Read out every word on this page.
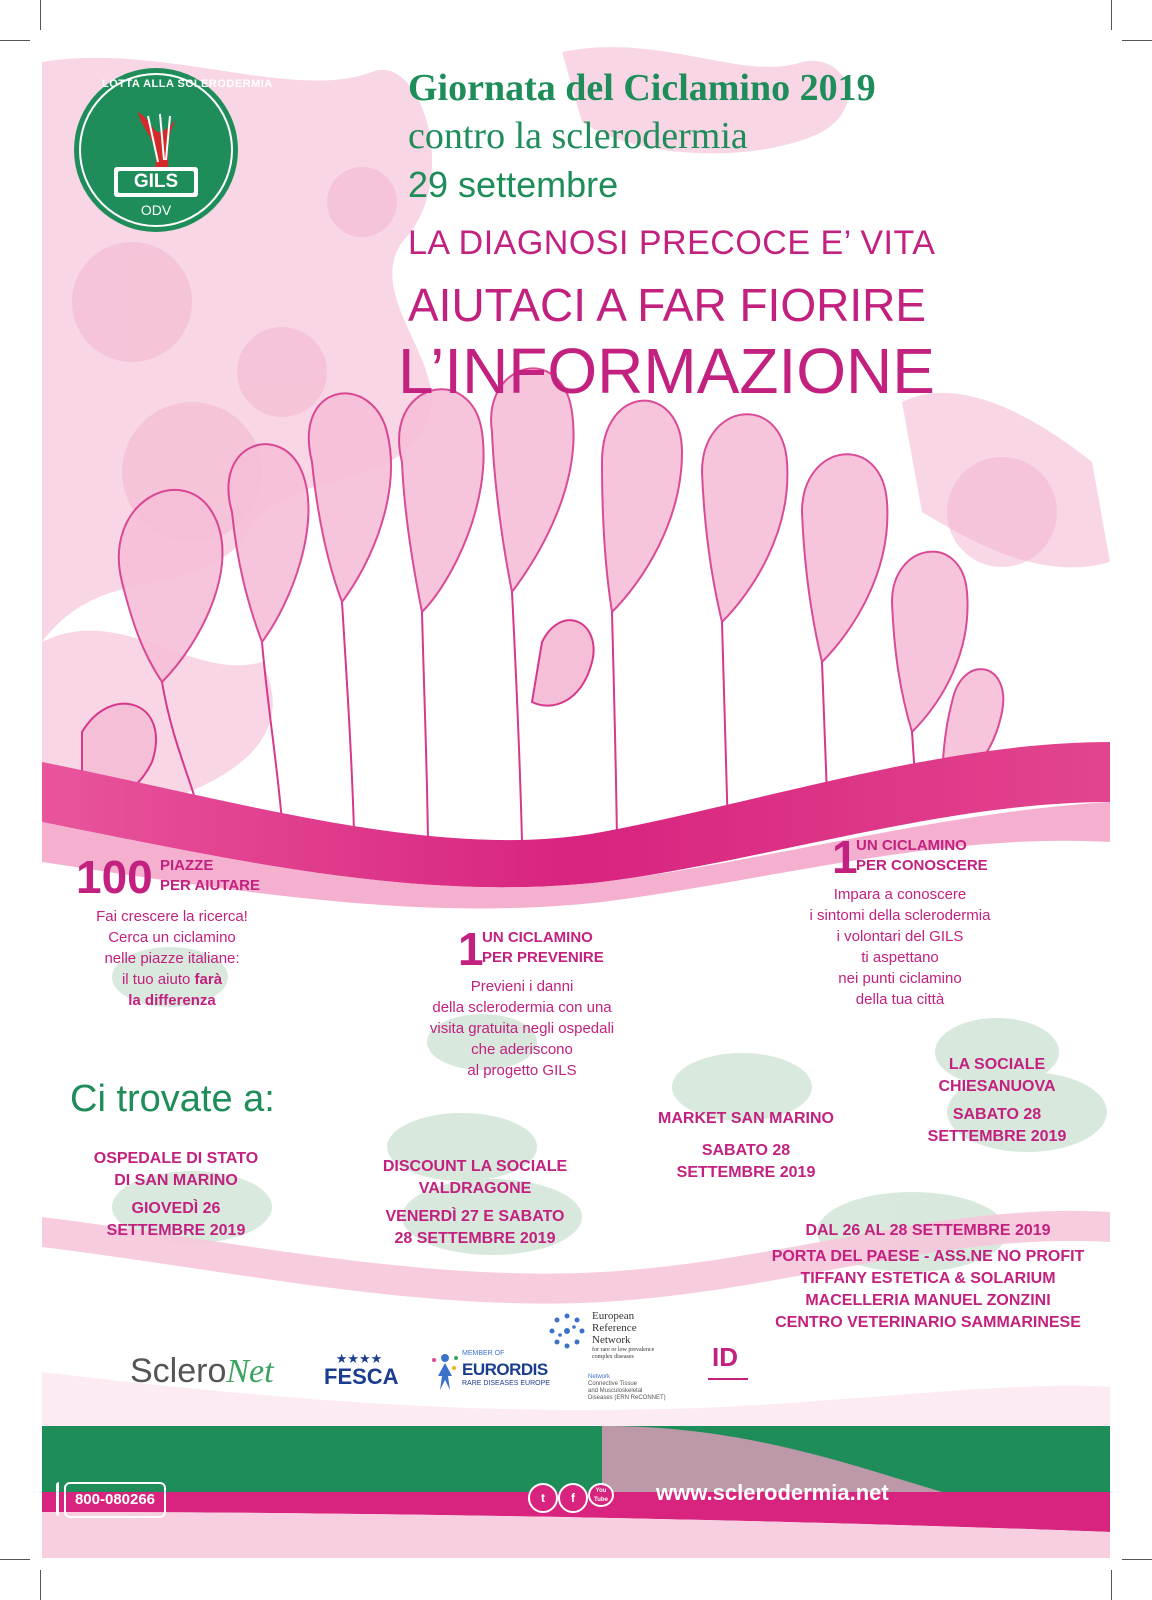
LOTTA ALLA SCLERODERMIA
GILS
ODV
Giornata del Ciclamino 2019
contro la sclerodermia
29 settembre
LA DIAGNOSI PRECOCE E’ VITA
AIUTACI A FAR FIORIRE
L’INFORMAZIONE
100 PIAZZE
PER AIUTARE
Fai crescere la ricerca!
Cerca un ciclamino
nelle piazze italiane:
il tuo aiuto farà
la differenza
1
UN CICLAMINO
PER PREVENIRE
Previeni i danni
della sclerodermia con una
visita gratuita negli ospedali
che aderiscono
al progetto GILS
1
UN CICLAMINO
PER CONOSCERE
Impara a conoscere
i sintomi della sclerodermia
i volontari del GILS
ti aspettano
nei punti ciclamino
della tua città
Ci trovate a:
OSPEDALE DI STATO
DI SAN MARINO
GIOVEDÌ 26
SETTEMBRE 2019
DISCOUNT LA SOCIALE
VALDRAGONE
VENERDÌ 27 E SABATO
28 SETTEMBRE 2019
MARKET SAN MARINO
SABATO 28
SETTEMBRE 2019
LA SOCIALE
CHIESANUOVA
SABATO 28
SETTEMBRE 2019
DAL 26 AL 28 SETTEMBRE 2019
PORTA DEL PAESE - ASS.NE NO PROFIT
TIFFANY ESTETICA & SOLARIUM
MACELLERIA MANUEL ZONZINI
CENTRO VETERINARIO SAMMARINESE
ScleroNet	★★★★
FESCA
MEMBER OF
EURORDIS
RARE DISEASES EUROPE
European
Reference
Network
for rare or low prevalence
complex diseases
Network
Connective Tissue
and Musculoskeletal
Diseases (ERN ReCONNET)
ID
800-080266	t	f	You Tube www.sclerodermia.net
